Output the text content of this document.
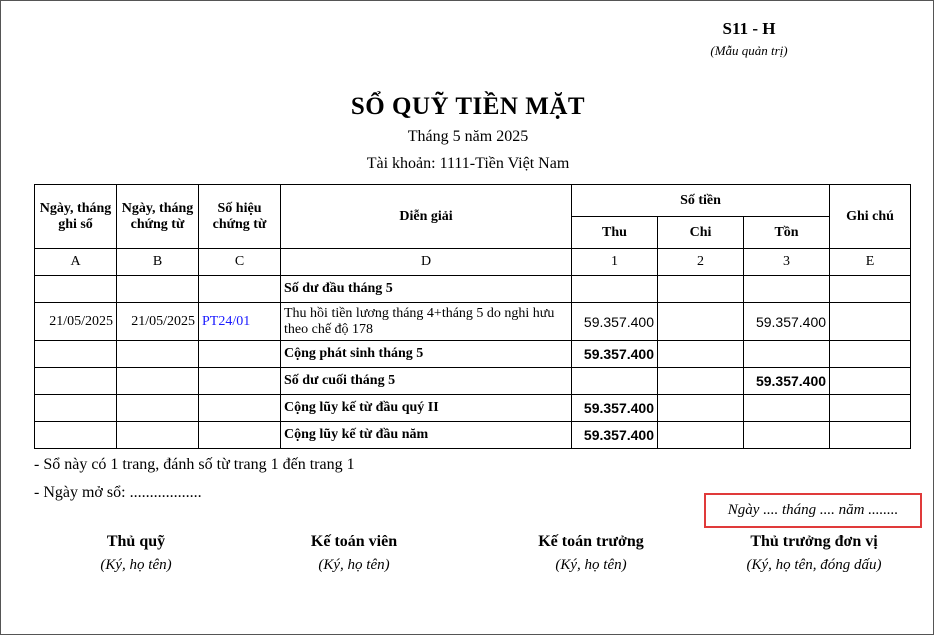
S11 - H
(Mẫu quản trị)
SỔ QUỸ TIỀN MẶT
Tháng 5 năm 2025
Tài khoản: 1111-Tiền Việt Nam
Ngày, tháng ghi sổ	Ngày, tháng chứng từ	Số hiệu chứng từ	Diễn giải	Số tiền			Ghi chú
				Thu	Chi	Tồn	
A	B	C	D	1	2	3	E
			Số dư đầu tháng 5				
21/05/2025	21/05/2025	PT24/01	Thu hồi tiền lương tháng 4+tháng 5 do nghi hưu theo chế độ 178	59.357.400		59.357.400	
			Cộng phát sinh tháng 5	59.357.400			
			Số dư cuối tháng 5			59.357.400	
			Cộng lũy kế từ đầu quý II	59.357.400			
			Cộng lũy kế từ đầu năm	59.357.400			
- Sổ này có 1 trang, đánh số từ trang 1 đến trang 1
- Ngày mở sổ: ..................
Ngày .... tháng .... năm ........
Thủ quỹ
(Ký, họ tên)
Kế toán viên
(Ký, họ tên)
Kế toán trưởng
(Ký, họ tên)
Thủ trưởng đơn vị
(Ký, họ tên, đóng dấu)
